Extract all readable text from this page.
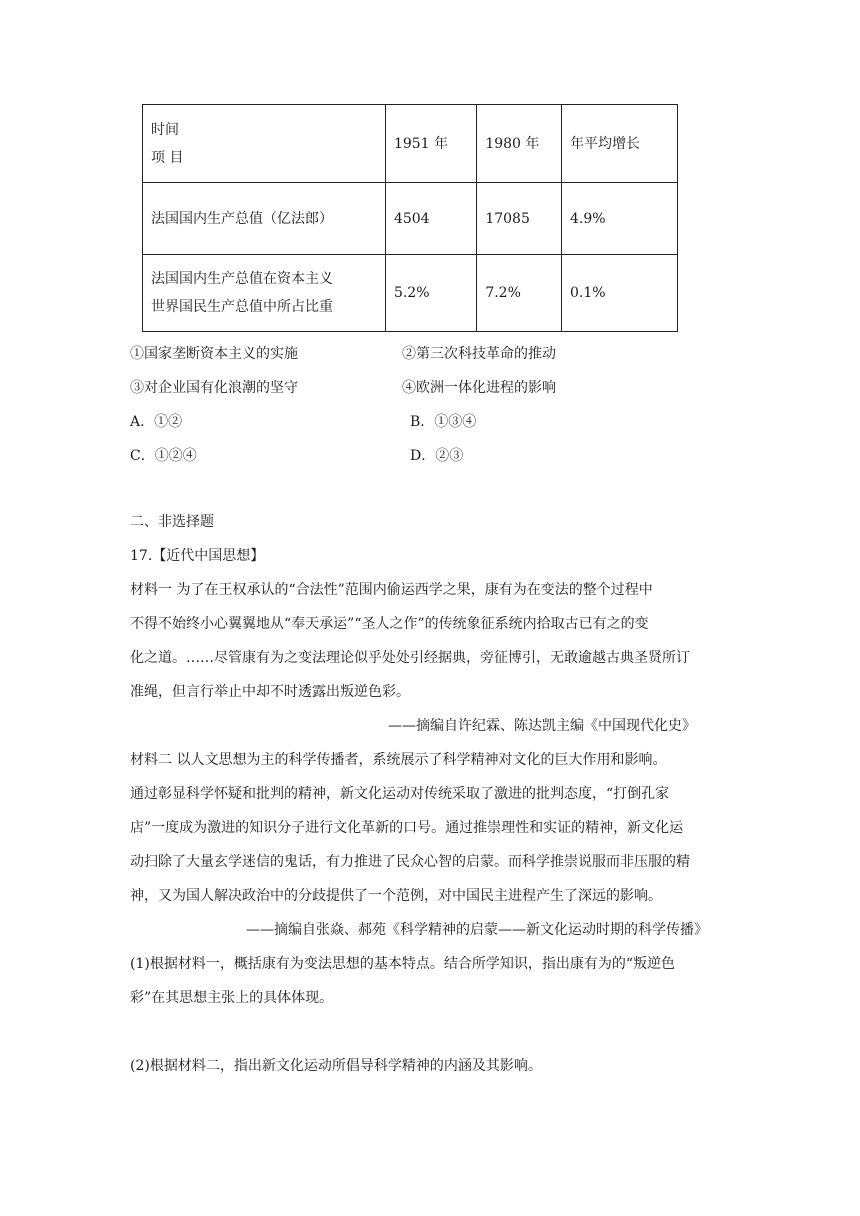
时间
项 目	1951 年	1980 年	年平均增长
法国国内生产总值（亿法郎）	4504	17085	4.9%

法国国内生产总值在资本主义
世界国民生产总值中所占比重	5.2%	7.2%	0.1%
①国家垄断资本主义的实施	②第三次科技革命的推动
③对企业国有化浪潮的坚守	④欧洲一体化进程的影响
A．①②	B．①③④
C．①②④	D．②③
二、非选择题
17.【近代中国思想】
材料一 为了在王权承认的“合法性”范围内偷运西学之果，康有为在变法的整个过程中
不得不始终小心翼翼地从“奉天承运”“圣人之作”的传统象征系统内拾取古已有之的变
化之道。……尽管康有为之变法理论似乎处处引经据典，旁征博引，无敢逾越古典圣贤所订
准绳，但言行举止中却不时透露出叛逆色彩。
——摘编自许纪霖、陈达凯主编《中国现代化史》
材料二 以人文思想为主的科学传播者，系统展示了科学精神对文化的巨大作用和影响。
通过彰显科学怀疑和批判的精神，新文化运动对传统采取了激进的批判态度，“打倒孔家
店”一度成为激进的知识分子进行文化革新的口号。通过推崇理性和实证的精神，新文化运
动扫除了大量玄学迷信的鬼话，有力推进了民众心智的启蒙。而科学推崇说服而非压服的精
神，又为国人解决政治中的分歧提供了一个范例，对中国民主进程产生了深远的影响。
——摘编自张焱、郝苑《科学精神的启蒙——新文化运动时期的科学传播》
(1)根据材料一，概括康有为变法思想的基本特点。结合所学知识，指出康有为的“叛逆色
彩”在其思想主张上的具体体现。
(2)根据材料二，指出新文化运动所倡导科学精神的内涵及其影响。
